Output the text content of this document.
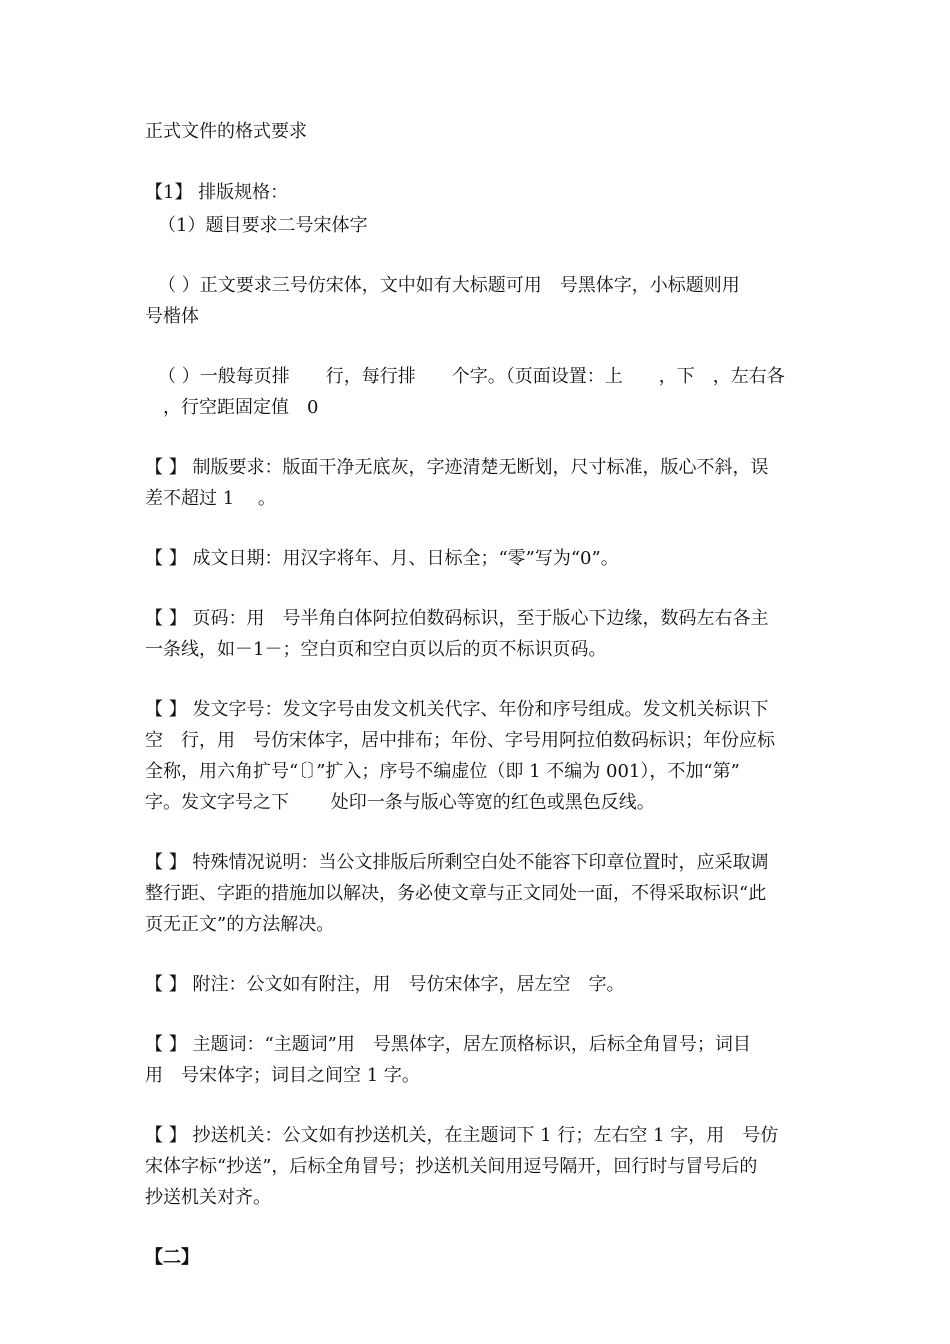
正式文件的格式要求
【1】 排版规格：
（1）题目要求二号宋体字
（ ）正文要求三号仿宋体，文中如有大标题可用　号黑体字，小标题则用
号楷体
（ ）一般每页排　　行，每行排　　个字。（页面设置：上　　，下　，左右各
　，行空距固定值　0
【 】 制版要求：版面干净无底灰，字迹清楚无断划，尺寸标准，版心不斜，误
差不超过 1　 。
【 】 成文日期：用汉字将年、月、日标全；“零”写为“0”。
【 】 页码：用　号半角白体阿拉伯数码标识，至于版心下边缘，数码左右各主
一条线，如－1－；空白页和空白页以后的页不标识页码。
【 】 发文字号：发文字号由发文机关代字、年份和序号组成。发文机关标识下
空　行，用　号仿宋体字，居中排布；年份、字号用阿拉伯数码标识；年份应标
全称，用六角扩号“〔〕”扩入；序号不编虚位（即 1 不编为 001），不加“第”
字。发文字号之下　　 处印一条与版心等宽的红色或黑色反线。
【 】 特殊情况说明：当公文排版后所剩空白处不能容下印章位置时，应采取调
整行距、字距的措施加以解决，务必使文章与正文同处一面，不得采取标识“此
页无正文”的方法解决。
【 】 附注：公文如有附注，用　号仿宋体字，居左空　字。
【 】 主题词：“主题词”用　号黑体字，居左顶格标识，后标全角冒号；词目
用　号宋体字；词目之间空 1 字。
【 】 抄送机关：公文如有抄送机关，在主题词下 1 行；左右空 1 字，用　号仿
宋体字标“抄送”，后标全角冒号；抄送机关间用逗号隔开，回行时与冒号后的
抄送机关对齐。
【二】
